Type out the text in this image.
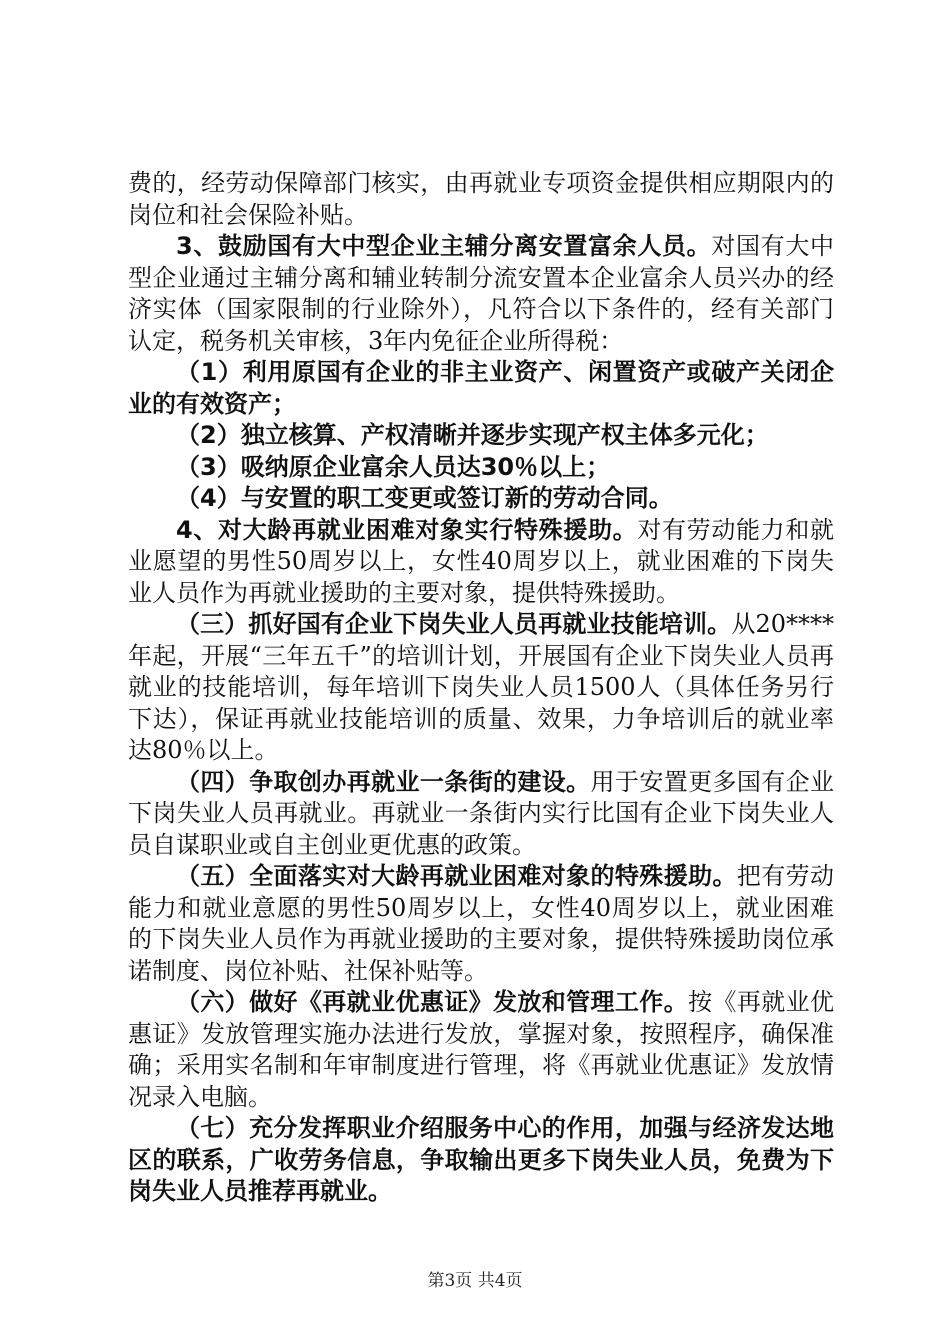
费的，经劳动保障部门核实，由再就业专项资金提供相应期限内的岗位和社会保险补贴。

3、鼓励国有大中型企业主辅分离安置富余人员。对国有大中型企业通过主辅分离和辅业转制分流安置本企业富余人员兴办的经济实体（国家限制的行业除外），凡符合以下条件的，经有关部门认定，税务机关审核，3年内免征企业所得税：

（1）利用原国有企业的非主业资产、闲置资产或破产关闭企业的有效资产；

（2）独立核算、产权清晰并逐步实现产权主体多元化；

（3）吸纳原企业富余人员达30％以上；

（4）与安置的职工变更或签订新的劳动合同。

4、对大龄再就业困难对象实行特殊援助。对有劳动能力和就业愿望的男性50周岁以上，女性40周岁以上，就业困难的下岗失业人员作为再就业援助的主要对象，提供特殊援助。

（三）抓好国有企业下岗失业人员再就业技能培训。从20****年起，开展“三年五千”的培训计划，开展国有企业下岗失业人员再就业的技能培训，每年培训下岗失业人员1500人（具体任务另行下达），保证再就业技能培训的质量、效果，力争培训后的就业率达80％以上。

（四）争取创办再就业一条街的建设。用于安置更多国有企业下岗失业人员再就业。再就业一条街内实行比国有企业下岗失业人员自谋职业或自主创业更优惠的政策。

（五）全面落实对大龄再就业困难对象的特殊援助。把有劳动能力和就业意愿的男性50周岁以上，女性40周岁以上，就业困难的下岗失业人员作为再就业援助的主要对象，提供特殊援助岗位承诺制度、岗位补贴、社保补贴等。

（六）做好《再就业优惠证》发放和管理工作。按《再就业优惠证》发放管理实施办法进行发放，掌握对象，按照程序，确保准确；采用实名制和年审制度进行管理，将《再就业优惠证》发放情况录入电脑。

（七）充分发挥职业介绍服务中心的作用，加强与经济发达地区的联系，广收劳务信息，争取输出更多下岗失业人员，免费为下岗失业人员推荐再就业。

第3页 共4页
